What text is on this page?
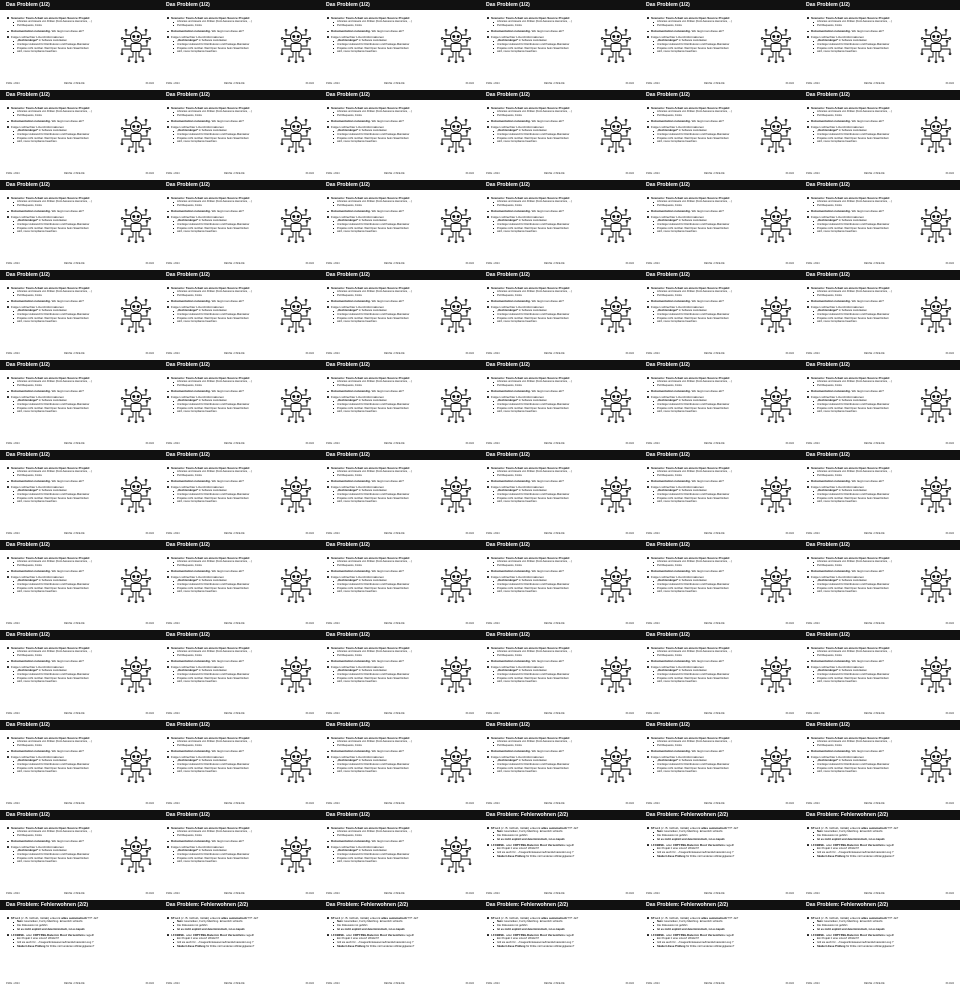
Das Problem (1/2)
Szenario: Team Arbeit an einem Open Source Projekt:
Libraries und Assets von Dritten (Font Awesome Heroicons, ...)
Pull Requests, Forks
Dokumentation notwendig. Wo liegt man diese ab?
Folgen schlechter Lizenzinformationen
„Rechtsmängel“ in Software Lieferketten
Unnötiger Aufwand für Distributoren und Package-Maintainer
Projekte nicht nutzbar. Weil Open Source beim Staat fördern
wird, muss Compliance beachten.
FSFE • 2024	REUSE • FSFE-DE	15.2024
Das Problem (1/2)
Szenario: Team Arbeit an einem Open Source Projekt:
Libraries und Assets von Dritten (Font Awesome Heroicons, ...)
Pull Requests, Forks
Dokumentation notwendig. Wo liegt man diese ab?
Folgen schlechter Lizenzinformationen
„Rechtsmängel“ in Software Lieferketten
Unnötiger Aufwand für Distributoren und Package-Maintainer
Projekte nicht nutzbar. Weil Open Source beim Staat fördern
wird, muss Compliance beachten.
FSFE • 2024	REUSE • FSFE-DE	15.2024
Das Problem (1/2)
Szenario: Team Arbeit an einem Open Source Projekt:
Libraries und Assets von Dritten (Font Awesome Heroicons, ...)
Pull Requests, Forks
Dokumentation notwendig. Wo liegt man diese ab?
Folgen schlechter Lizenzinformationen
„Rechtsmängel“ in Software Lieferketten
Unnötiger Aufwand für Distributoren und Package-Maintainer
Projekte nicht nutzbar. Weil Open Source beim Staat fördern
wird, muss Compliance beachten.
FSFE • 2024	REUSE • FSFE-DE	15.2024
Das Problem (1/2)
Szenario: Team Arbeit an einem Open Source Projekt:
Libraries und Assets von Dritten (Font Awesome Heroicons, ...)
Pull Requests, Forks
Dokumentation notwendig. Wo liegt man diese ab?
Folgen schlechter Lizenzinformationen
„Rechtsmängel“ in Software Lieferketten
Unnötiger Aufwand für Distributoren und Package-Maintainer
Projekte nicht nutzbar. Weil Open Source beim Staat fördern
wird, muss Compliance beachten.
FSFE • 2024	REUSE • FSFE-DE	15.2024
Das Problem (1/2)
Szenario: Team Arbeit an einem Open Source Projekt:
Libraries und Assets von Dritten (Font Awesome Heroicons, ...)
Pull Requests, Forks
Dokumentation notwendig. Wo liegt man diese ab?
Folgen schlechter Lizenzinformationen
„Rechtsmängel“ in Software Lieferketten
Unnötiger Aufwand für Distributoren und Package-Maintainer
Projekte nicht nutzbar. Weil Open Source beim Staat fördern
wird, muss Compliance beachten.
FSFE • 2024	REUSE • FSFE-DE	15.2024
Das Problem (1/2)
Szenario: Team Arbeit an einem Open Source Projekt:
Libraries und Assets von Dritten (Font Awesome Heroicons, ...)
Pull Requests, Forks
Dokumentation notwendig. Wo liegt man diese ab?
Folgen schlechter Lizenzinformationen
„Rechtsmängel“ in Software Lieferketten
Unnötiger Aufwand für Distributoren und Package-Maintainer
Projekte nicht nutzbar. Weil Open Source beim Staat fördern
wird, muss Compliance beachten.
FSFE • 2024	REUSE • FSFE-DE	15.2024
Das Problem (1/2)
Szenario: Team Arbeit an einem Open Source Projekt:
Libraries und Assets von Dritten (Font Awesome Heroicons, ...)
Pull Requests, Forks
Dokumentation notwendig. Wo liegt man diese ab?
Folgen schlechter Lizenzinformationen
„Rechtsmängel“ in Software Lieferketten
Unnötiger Aufwand für Distributoren und Package-Maintainer
Projekte nicht nutzbar. Weil Open Source beim Staat fördern
wird, muss Compliance beachten.
FSFE • 2024	REUSE • FSFE-DE	15.2024
Das Problem (1/2)
Szenario: Team Arbeit an einem Open Source Projekt:
Libraries und Assets von Dritten (Font Awesome Heroicons, ...)
Pull Requests, Forks
Dokumentation notwendig. Wo liegt man diese ab?
Folgen schlechter Lizenzinformationen
„Rechtsmängel“ in Software Lieferketten
Unnötiger Aufwand für Distributoren und Package-Maintainer
Projekte nicht nutzbar. Weil Open Source beim Staat fördern
wird, muss Compliance beachten.
FSFE • 2024	REUSE • FSFE-DE	15.2024
Das Problem (1/2)
Szenario: Team Arbeit an einem Open Source Projekt:
Libraries und Assets von Dritten (Font Awesome Heroicons, ...)
Pull Requests, Forks
Dokumentation notwendig. Wo liegt man diese ab?
Folgen schlechter Lizenzinformationen
„Rechtsmängel“ in Software Lieferketten
Unnötiger Aufwand für Distributoren und Package-Maintainer
Projekte nicht nutzbar. Weil Open Source beim Staat fördern
wird, muss Compliance beachten.
FSFE • 2024	REUSE • FSFE-DE	15.2024
Das Problem (1/2)
Szenario: Team Arbeit an einem Open Source Projekt:
Libraries und Assets von Dritten (Font Awesome Heroicons, ...)
Pull Requests, Forks
Dokumentation notwendig. Wo liegt man diese ab?
Folgen schlechter Lizenzinformationen
„Rechtsmängel“ in Software Lieferketten
Unnötiger Aufwand für Distributoren und Package-Maintainer
Projekte nicht nutzbar. Weil Open Source beim Staat fördern
wird, muss Compliance beachten.
FSFE • 2024	REUSE • FSFE-DE	15.2024
Das Problem (1/2)
Szenario: Team Arbeit an einem Open Source Projekt:
Libraries und Assets von Dritten (Font Awesome Heroicons, ...)
Pull Requests, Forks
Dokumentation notwendig. Wo liegt man diese ab?
Folgen schlechter Lizenzinformationen
„Rechtsmängel“ in Software Lieferketten
Unnötiger Aufwand für Distributoren und Package-Maintainer
Projekte nicht nutzbar. Weil Open Source beim Staat fördern
wird, muss Compliance beachten.
FSFE • 2024	REUSE • FSFE-DE	15.2024
Das Problem (1/2)
Szenario: Team Arbeit an einem Open Source Projekt:
Libraries und Assets von Dritten (Font Awesome Heroicons, ...)
Pull Requests, Forks
Dokumentation notwendig. Wo liegt man diese ab?
Folgen schlechter Lizenzinformationen
„Rechtsmängel“ in Software Lieferketten
Unnötiger Aufwand für Distributoren und Package-Maintainer
Projekte nicht nutzbar. Weil Open Source beim Staat fördern
wird, muss Compliance beachten.
FSFE • 2024	REUSE • FSFE-DE	15.2024
Das Problem (1/2)
Szenario: Team Arbeit an einem Open Source Projekt:
Libraries und Assets von Dritten (Font Awesome Heroicons, ...)
Pull Requests, Forks
Dokumentation notwendig. Wo liegt man diese ab?
Folgen schlechter Lizenzinformationen
„Rechtsmängel“ in Software Lieferketten
Unnötiger Aufwand für Distributoren und Package-Maintainer
Projekte nicht nutzbar. Weil Open Source beim Staat fördern
wird, muss Compliance beachten.
FSFE • 2024	REUSE • FSFE-DE	15.2024
Das Problem (1/2)
Szenario: Team Arbeit an einem Open Source Projekt:
Libraries und Assets von Dritten (Font Awesome Heroicons, ...)
Pull Requests, Forks
Dokumentation notwendig. Wo liegt man diese ab?
Folgen schlechter Lizenzinformationen
„Rechtsmängel“ in Software Lieferketten
Unnötiger Aufwand für Distributoren und Package-Maintainer
Projekte nicht nutzbar. Weil Open Source beim Staat fördern
wird, muss Compliance beachten.
FSFE • 2024	REUSE • FSFE-DE	15.2024
Das Problem (1/2)
Szenario: Team Arbeit an einem Open Source Projekt:
Libraries und Assets von Dritten (Font Awesome Heroicons, ...)
Pull Requests, Forks
Dokumentation notwendig. Wo liegt man diese ab?
Folgen schlechter Lizenzinformationen
„Rechtsmängel“ in Software Lieferketten
Unnötiger Aufwand für Distributoren und Package-Maintainer
Projekte nicht nutzbar. Weil Open Source beim Staat fördern
wird, muss Compliance beachten.
FSFE • 2024	REUSE • FSFE-DE	15.2024
Das Problem (1/2)
Szenario: Team Arbeit an einem Open Source Projekt:
Libraries und Assets von Dritten (Font Awesome Heroicons, ...)
Pull Requests, Forks
Dokumentation notwendig. Wo liegt man diese ab?
Folgen schlechter Lizenzinformationen
„Rechtsmängel“ in Software Lieferketten
Unnötiger Aufwand für Distributoren und Package-Maintainer
Projekte nicht nutzbar. Weil Open Source beim Staat fördern
wird, muss Compliance beachten.
FSFE • 2024	REUSE • FSFE-DE	15.2024
Das Problem (1/2)
Szenario: Team Arbeit an einem Open Source Projekt:
Libraries und Assets von Dritten (Font Awesome Heroicons, ...)
Pull Requests, Forks
Dokumentation notwendig. Wo liegt man diese ab?
Folgen schlechter Lizenzinformationen
„Rechtsmängel“ in Software Lieferketten
Unnötiger Aufwand für Distributoren und Package-Maintainer
Projekte nicht nutzbar. Weil Open Source beim Staat fördern
wird, muss Compliance beachten.
FSFE • 2024	REUSE • FSFE-DE	15.2024
Das Problem (1/2)
Szenario: Team Arbeit an einem Open Source Projekt:
Libraries und Assets von Dritten (Font Awesome Heroicons, ...)
Pull Requests, Forks
Dokumentation notwendig. Wo liegt man diese ab?
Folgen schlechter Lizenzinformationen
„Rechtsmängel“ in Software Lieferketten
Unnötiger Aufwand für Distributoren und Package-Maintainer
Projekte nicht nutzbar. Weil Open Source beim Staat fördern
wird, muss Compliance beachten.
FSFE • 2024	REUSE • FSFE-DE	15.2024
Das Problem (1/2)
Szenario: Team Arbeit an einem Open Source Projekt:
Libraries und Assets von Dritten (Font Awesome Heroicons, ...)
Pull Requests, Forks
Dokumentation notwendig. Wo liegt man diese ab?
Folgen schlechter Lizenzinformationen
„Rechtsmängel“ in Software Lieferketten
Unnötiger Aufwand für Distributoren und Package-Maintainer
Projekte nicht nutzbar. Weil Open Source beim Staat fördern
wird, muss Compliance beachten.
FSFE • 2024	REUSE • FSFE-DE	15.2024
Das Problem (1/2)
Szenario: Team Arbeit an einem Open Source Projekt:
Libraries und Assets von Dritten (Font Awesome Heroicons, ...)
Pull Requests, Forks
Dokumentation notwendig. Wo liegt man diese ab?
Folgen schlechter Lizenzinformationen
„Rechtsmängel“ in Software Lieferketten
Unnötiger Aufwand für Distributoren und Package-Maintainer
Projekte nicht nutzbar. Weil Open Source beim Staat fördern
wird, muss Compliance beachten.
FSFE • 2024	REUSE • FSFE-DE	15.2024
Das Problem (1/2)
Szenario: Team Arbeit an einem Open Source Projekt:
Libraries und Assets von Dritten (Font Awesome Heroicons, ...)
Pull Requests, Forks
Dokumentation notwendig. Wo liegt man diese ab?
Folgen schlechter Lizenzinformationen
„Rechtsmängel“ in Software Lieferketten
Unnötiger Aufwand für Distributoren und Package-Maintainer
Projekte nicht nutzbar. Weil Open Source beim Staat fördern
wird, muss Compliance beachten.
FSFE • 2024	REUSE • FSFE-DE	15.2024
Das Problem (1/2)
Szenario: Team Arbeit an einem Open Source Projekt:
Libraries und Assets von Dritten (Font Awesome Heroicons, ...)
Pull Requests, Forks
Dokumentation notwendig. Wo liegt man diese ab?
Folgen schlechter Lizenzinformationen
„Rechtsmängel“ in Software Lieferketten
Unnötiger Aufwand für Distributoren und Package-Maintainer
Projekte nicht nutzbar. Weil Open Source beim Staat fördern
wird, muss Compliance beachten.
FSFE • 2024	REUSE • FSFE-DE	15.2024
Das Problem (1/2)
Szenario: Team Arbeit an einem Open Source Projekt:
Libraries und Assets von Dritten (Font Awesome Heroicons, ...)
Pull Requests, Forks
Dokumentation notwendig. Wo liegt man diese ab?
Folgen schlechter Lizenzinformationen
„Rechtsmängel“ in Software Lieferketten
Unnötiger Aufwand für Distributoren und Package-Maintainer
Projekte nicht nutzbar. Weil Open Source beim Staat fördern
wird, muss Compliance beachten.
FSFE • 2024	REUSE • FSFE-DE	15.2024
Das Problem (1/2)
Szenario: Team Arbeit an einem Open Source Projekt:
Libraries und Assets von Dritten (Font Awesome Heroicons, ...)
Pull Requests, Forks
Dokumentation notwendig. Wo liegt man diese ab?
Folgen schlechter Lizenzinformationen
„Rechtsmängel“ in Software Lieferketten
Unnötiger Aufwand für Distributoren und Package-Maintainer
Projekte nicht nutzbar. Weil Open Source beim Staat fördern
wird, muss Compliance beachten.
FSFE • 2024	REUSE • FSFE-DE	15.2024
Das Problem (1/2)
Szenario: Team Arbeit an einem Open Source Projekt:
Libraries und Assets von Dritten (Font Awesome Heroicons, ...)
Pull Requests, Forks
Dokumentation notwendig. Wo liegt man diese ab?
Folgen schlechter Lizenzinformationen
„Rechtsmängel“ in Software Lieferketten
Unnötiger Aufwand für Distributoren und Package-Maintainer
Projekte nicht nutzbar. Weil Open Source beim Staat fördern
wird, muss Compliance beachten.
FSFE • 2024	REUSE • FSFE-DE	15.2024
Das Problem (1/2)
Szenario: Team Arbeit an einem Open Source Projekt:
Libraries und Assets von Dritten (Font Awesome Heroicons, ...)
Pull Requests, Forks
Dokumentation notwendig. Wo liegt man diese ab?
Folgen schlechter Lizenzinformationen
„Rechtsmängel“ in Software Lieferketten
Unnötiger Aufwand für Distributoren und Package-Maintainer
Projekte nicht nutzbar. Weil Open Source beim Staat fördern
wird, muss Compliance beachten.
FSFE • 2024	REUSE • FSFE-DE	15.2024
Das Problem (1/2)
Szenario: Team Arbeit an einem Open Source Projekt:
Libraries und Assets von Dritten (Font Awesome Heroicons, ...)
Pull Requests, Forks
Dokumentation notwendig. Wo liegt man diese ab?
Folgen schlechter Lizenzinformationen
„Rechtsmängel“ in Software Lieferketten
Unnötiger Aufwand für Distributoren und Package-Maintainer
Projekte nicht nutzbar. Weil Open Source beim Staat fördern
wird, muss Compliance beachten.
FSFE • 2024	REUSE • FSFE-DE	15.2024
Das Problem (1/2)
Szenario: Team Arbeit an einem Open Source Projekt:
Libraries und Assets von Dritten (Font Awesome Heroicons, ...)
Pull Requests, Forks
Dokumentation notwendig. Wo liegt man diese ab?
Folgen schlechter Lizenzinformationen
„Rechtsmängel“ in Software Lieferketten
Unnötiger Aufwand für Distributoren und Package-Maintainer
Projekte nicht nutzbar. Weil Open Source beim Staat fördern
wird, muss Compliance beachten.
FSFE • 2024	REUSE • FSFE-DE	15.2024
Das Problem (1/2)
Szenario: Team Arbeit an einem Open Source Projekt:
Libraries und Assets von Dritten (Font Awesome Heroicons, ...)
Pull Requests, Forks
Dokumentation notwendig. Wo liegt man diese ab?
Folgen schlechter Lizenzinformationen
„Rechtsmängel“ in Software Lieferketten
Unnötiger Aufwand für Distributoren und Package-Maintainer
Projekte nicht nutzbar. Weil Open Source beim Staat fördern
wird, muss Compliance beachten.
FSFE • 2024	REUSE • FSFE-DE	15.2024
Das Problem (1/2)
Szenario: Team Arbeit an einem Open Source Projekt:
Libraries und Assets von Dritten (Font Awesome Heroicons, ...)
Pull Requests, Forks
Dokumentation notwendig. Wo liegt man diese ab?
Folgen schlechter Lizenzinformationen
„Rechtsmängel“ in Software Lieferketten
Unnötiger Aufwand für Distributoren und Package-Maintainer
Projekte nicht nutzbar. Weil Open Source beim Staat fördern
wird, muss Compliance beachten.
FSFE • 2024	REUSE • FSFE-DE	15.2024
Das Problem (1/2)
Szenario: Team Arbeit an einem Open Source Projekt:
Libraries und Assets von Dritten (Font Awesome Heroicons, ...)
Pull Requests, Forks
Dokumentation notwendig. Wo liegt man diese ab?
Folgen schlechter Lizenzinformationen
„Rechtsmängel“ in Software Lieferketten
Unnötiger Aufwand für Distributoren und Package-Maintainer
Projekte nicht nutzbar. Weil Open Source beim Staat fördern
wird, muss Compliance beachten.
FSFE • 2024	REUSE • FSFE-DE	15.2024
Das Problem (1/2)
Szenario: Team Arbeit an einem Open Source Projekt:
Libraries und Assets von Dritten (Font Awesome Heroicons, ...)
Pull Requests, Forks
Dokumentation notwendig. Wo liegt man diese ab?
Folgen schlechter Lizenzinformationen
„Rechtsmängel“ in Software Lieferketten
Unnötiger Aufwand für Distributoren und Package-Maintainer
Projekte nicht nutzbar. Weil Open Source beim Staat fördern
wird, muss Compliance beachten.
FSFE • 2024	REUSE • FSFE-DE	15.2024
Das Problem (1/2)
Szenario: Team Arbeit an einem Open Source Projekt:
Libraries und Assets von Dritten (Font Awesome Heroicons, ...)
Pull Requests, Forks
Dokumentation notwendig. Wo liegt man diese ab?
Folgen schlechter Lizenzinformationen
„Rechtsmängel“ in Software Lieferketten
Unnötiger Aufwand für Distributoren und Package-Maintainer
Projekte nicht nutzbar. Weil Open Source beim Staat fördern
wird, muss Compliance beachten.
FSFE • 2024	REUSE • FSFE-DE	15.2024
Das Problem (1/2)
Szenario: Team Arbeit an einem Open Source Projekt:
Libraries und Assets von Dritten (Font Awesome Heroicons, ...)
Pull Requests, Forks
Dokumentation notwendig. Wo liegt man diese ab?
Folgen schlechter Lizenzinformationen
„Rechtsmängel“ in Software Lieferketten
Unnötiger Aufwand für Distributoren und Package-Maintainer
Projekte nicht nutzbar. Weil Open Source beim Staat fördern
wird, muss Compliance beachten.
FSFE • 2024	REUSE • FSFE-DE	15.2024
Das Problem (1/2)
Szenario: Team Arbeit an einem Open Source Projekt:
Libraries und Assets von Dritten (Font Awesome Heroicons, ...)
Pull Requests, Forks
Dokumentation notwendig. Wo liegt man diese ab?
Folgen schlechter Lizenzinformationen
„Rechtsmängel“ in Software Lieferketten
Unnötiger Aufwand für Distributoren und Package-Maintainer
Projekte nicht nutzbar. Weil Open Source beim Staat fördern
wird, muss Compliance beachten.
FSFE • 2024	REUSE • FSFE-DE	15.2024
Das Problem (1/2)
Szenario: Team Arbeit an einem Open Source Projekt:
Libraries und Assets von Dritten (Font Awesome Heroicons, ...)
Pull Requests, Forks
Dokumentation notwendig. Wo liegt man diese ab?
Folgen schlechter Lizenzinformationen
„Rechtsmängel“ in Software Lieferketten
Unnötiger Aufwand für Distributoren und Package-Maintainer
Projekte nicht nutzbar. Weil Open Source beim Staat fördern
wird, muss Compliance beachten.
FSFE • 2024	REUSE • FSFE-DE	15.2024
Das Problem (1/2)
Szenario: Team Arbeit an einem Open Source Projekt:
Libraries und Assets von Dritten (Font Awesome Heroicons, ...)
Pull Requests, Forks
Dokumentation notwendig. Wo liegt man diese ab?
Folgen schlechter Lizenzinformationen
„Rechtsmängel“ in Software Lieferketten
Unnötiger Aufwand für Distributoren und Package-Maintainer
Projekte nicht nutzbar. Weil Open Source beim Staat fördern
wird, muss Compliance beachten.
FSFE • 2024	REUSE • FSFE-DE	15.2024
Das Problem (1/2)
Szenario: Team Arbeit an einem Open Source Projekt:
Libraries und Assets von Dritten (Font Awesome Heroicons, ...)
Pull Requests, Forks
Dokumentation notwendig. Wo liegt man diese ab?
Folgen schlechter Lizenzinformationen
„Rechtsmängel“ in Software Lieferketten
Unnötiger Aufwand für Distributoren und Package-Maintainer
Projekte nicht nutzbar. Weil Open Source beim Staat fördern
wird, muss Compliance beachten.
FSFE • 2024	REUSE • FSFE-DE	15.2024
Das Problem (1/2)
Szenario: Team Arbeit an einem Open Source Projekt:
Libraries und Assets von Dritten (Font Awesome Heroicons, ...)
Pull Requests, Forks
Dokumentation notwendig. Wo liegt man diese ab?
Folgen schlechter Lizenzinformationen
„Rechtsmängel“ in Software Lieferketten
Unnötiger Aufwand für Distributoren und Package-Maintainer
Projekte nicht nutzbar. Weil Open Source beim Staat fördern
wird, muss Compliance beachten.
FSFE • 2024	REUSE • FSFE-DE	15.2024
Das Problem (1/2)
Szenario: Team Arbeit an einem Open Source Projekt:
Libraries und Assets von Dritten (Font Awesome Heroicons, ...)
Pull Requests, Forks
Dokumentation notwendig. Wo liegt man diese ab?
Folgen schlechter Lizenzinformationen
„Rechtsmängel“ in Software Lieferketten
Unnötiger Aufwand für Distributoren und Package-Maintainer
Projekte nicht nutzbar. Weil Open Source beim Staat fördern
wird, muss Compliance beachten.
FSFE • 2024	REUSE • FSFE-DE	15.2024
Das Problem (1/2)
Szenario: Team Arbeit an einem Open Source Projekt:
Libraries und Assets von Dritten (Font Awesome Heroicons, ...)
Pull Requests, Forks
Dokumentation notwendig. Wo liegt man diese ab?
Folgen schlechter Lizenzinformationen
„Rechtsmängel“ in Software Lieferketten
Unnötiger Aufwand für Distributoren und Package-Maintainer
Projekte nicht nutzbar. Weil Open Source beim Staat fördern
wird, muss Compliance beachten.
FSFE • 2024	REUSE • FSFE-DE	15.2024
Das Problem (1/2)
Szenario: Team Arbeit an einem Open Source Projekt:
Libraries und Assets von Dritten (Font Awesome Heroicons, ...)
Pull Requests, Forks
Dokumentation notwendig. Wo liegt man diese ab?
Folgen schlechter Lizenzinformationen
„Rechtsmängel“ in Software Lieferketten
Unnötiger Aufwand für Distributoren und Package-Maintainer
Projekte nicht nutzbar. Weil Open Source beim Staat fördern
wird, muss Compliance beachten.
FSFE • 2024	REUSE • FSFE-DE	15.2024
Das Problem (1/2)
Szenario: Team Arbeit an einem Open Source Projekt:
Libraries und Assets von Dritten (Font Awesome Heroicons, ...)
Pull Requests, Forks
Dokumentation notwendig. Wo liegt man diese ab?
Folgen schlechter Lizenzinformationen
„Rechtsmängel“ in Software Lieferketten
Unnötiger Aufwand für Distributoren und Package-Maintainer
Projekte nicht nutzbar. Weil Open Source beim Staat fördern
wird, muss Compliance beachten.
FSFE • 2024	REUSE • FSFE-DE	15.2024
Das Problem (1/2)
Szenario: Team Arbeit an einem Open Source Projekt:
Libraries und Assets von Dritten (Font Awesome Heroicons, ...)
Pull Requests, Forks
Dokumentation notwendig. Wo liegt man diese ab?
Folgen schlechter Lizenzinformationen
„Rechtsmängel“ in Software Lieferketten
Unnötiger Aufwand für Distributoren und Package-Maintainer
Projekte nicht nutzbar. Weil Open Source beim Staat fördern
wird, muss Compliance beachten.
FSFE • 2024	REUSE • FSFE-DE	15.2024
Das Problem (1/2)
Szenario: Team Arbeit an einem Open Source Projekt:
Libraries und Assets von Dritten (Font Awesome Heroicons, ...)
Pull Requests, Forks
Dokumentation notwendig. Wo liegt man diese ab?
Folgen schlechter Lizenzinformationen
„Rechtsmängel“ in Software Lieferketten
Unnötiger Aufwand für Distributoren und Package-Maintainer
Projekte nicht nutzbar. Weil Open Source beim Staat fördern
wird, muss Compliance beachten.
FSFE • 2024	REUSE • FSFE-DE	15.2024
Das Problem (1/2)
Szenario: Team Arbeit an einem Open Source Projekt:
Libraries und Assets von Dritten (Font Awesome Heroicons, ...)
Pull Requests, Forks
Dokumentation notwendig. Wo liegt man diese ab?
Folgen schlechter Lizenzinformationen
„Rechtsmängel“ in Software Lieferketten
Unnötiger Aufwand für Distributoren und Package-Maintainer
Projekte nicht nutzbar. Weil Open Source beim Staat fördern
wird, muss Compliance beachten.
FSFE • 2024	REUSE • FSFE-DE	15.2024
Das Problem (1/2)
Szenario: Team Arbeit an einem Open Source Projekt:
Libraries und Assets von Dritten (Font Awesome Heroicons, ...)
Pull Requests, Forks
Dokumentation notwendig. Wo liegt man diese ab?
Folgen schlechter Lizenzinformationen
„Rechtsmängel“ in Software Lieferketten
Unnötiger Aufwand für Distributoren und Package-Maintainer
Projekte nicht nutzbar. Weil Open Source beim Staat fördern
wird, muss Compliance beachten.
FSFE • 2024	REUSE • FSFE-DE	15.2024
Das Problem (1/2)
Szenario: Team Arbeit an einem Open Source Projekt:
Libraries und Assets von Dritten (Font Awesome Heroicons, ...)
Pull Requests, Forks
Dokumentation notwendig. Wo liegt man diese ab?
Folgen schlechter Lizenzinformationen
„Rechtsmängel“ in Software Lieferketten
Unnötiger Aufwand für Distributoren und Package-Maintainer
Projekte nicht nutzbar. Weil Open Source beim Staat fördern
wird, muss Compliance beachten.
FSFE • 2024	REUSE • FSFE-DE	15.2024
Das Problem (1/2)
Szenario: Team Arbeit an einem Open Source Projekt:
Libraries und Assets von Dritten (Font Awesome Heroicons, ...)
Pull Requests, Forks
Dokumentation notwendig. Wo liegt man diese ab?
Folgen schlechter Lizenzinformationen
„Rechtsmängel“ in Software Lieferketten
Unnötiger Aufwand für Distributoren und Package-Maintainer
Projekte nicht nutzbar. Weil Open Source beim Staat fördern
wird, muss Compliance beachten.
FSFE • 2024	REUSE • FSFE-DE	15.2024
Das Problem (1/2)
Szenario: Team Arbeit an einem Open Source Projekt:
Libraries und Assets von Dritten (Font Awesome Heroicons, ...)
Pull Requests, Forks
Dokumentation notwendig. Wo liegt man diese ab?
Folgen schlechter Lizenzinformationen
„Rechtsmängel“ in Software Lieferketten
Unnötiger Aufwand für Distributoren und Package-Maintainer
Projekte nicht nutzbar. Weil Open Source beim Staat fördern
wird, muss Compliance beachten.
FSFE • 2024	REUSE • FSFE-DE	15.2024
Das Problem (1/2)
Szenario: Team Arbeit an einem Open Source Projekt:
Libraries und Assets von Dritten (Font Awesome Heroicons, ...)
Pull Requests, Forks
Dokumentation notwendig. Wo liegt man diese ab?
Folgen schlechter Lizenzinformationen
„Rechtsmängel“ in Software Lieferketten
Unnötiger Aufwand für Distributoren und Package-Maintainer
Projekte nicht nutzbar. Weil Open Source beim Staat fördern
wird, muss Compliance beachten.
FSFE • 2024	REUSE • FSFE-DE	15.2024
Das Problem (1/2)
Szenario: Team Arbeit an einem Open Source Projekt:
Libraries und Assets von Dritten (Font Awesome Heroicons, ...)
Pull Requests, Forks
Dokumentation notwendig. Wo liegt man diese ab?
Folgen schlechter Lizenzinformationen
„Rechtsmängel“ in Software Lieferketten
Unnötiger Aufwand für Distributoren und Package-Maintainer
Projekte nicht nutzbar. Weil Open Source beim Staat fördern
wird, muss Compliance beachten.
FSFE • 2024	REUSE • FSFE-DE	15.2024
Das Problem (1/2)
Szenario: Team Arbeit an einem Open Source Projekt:
Libraries und Assets von Dritten (Font Awesome Heroicons, ...)
Pull Requests, Forks
Dokumentation notwendig. Wo liegt man diese ab?
Folgen schlechter Lizenzinformationen
„Rechtsmängel“ in Software Lieferketten
Unnötiger Aufwand für Distributoren und Package-Maintainer
Projekte nicht nutzbar. Weil Open Source beim Staat fördern
wird, muss Compliance beachten.
FSFE • 2024	REUSE • FSFE-DE	15.2024
Das Problem (1/2)
Szenario: Team Arbeit an einem Open Source Projekt:
Libraries und Assets von Dritten (Font Awesome Heroicons, ...)
Pull Requests, Forks
Dokumentation notwendig. Wo liegt man diese ab?
Folgen schlechter Lizenzinformationen
„Rechtsmängel“ in Software Lieferketten
Unnötiger Aufwand für Distributoren und Package-Maintainer
Projekte nicht nutzbar. Weil Open Source beim Staat fördern
wird, muss Compliance beachten.
FSFE • 2024	REUSE • FSFE-DE	15.2024
Das Problem (1/2)
Szenario: Team Arbeit an einem Open Source Projekt:
Libraries und Assets von Dritten (Font Awesome Heroicons, ...)
Pull Requests, Forks
Dokumentation notwendig. Wo liegt man diese ab?
Folgen schlechter Lizenzinformationen
„Rechtsmängel“ in Software Lieferketten
Unnötiger Aufwand für Distributoren und Package-Maintainer
Projekte nicht nutzbar. Weil Open Source beim Staat fördern
wird, muss Compliance beachten.
FSFE • 2024	REUSE • FSFE-DE	15.2024
Das Problem (1/2)
Szenario: Team Arbeit an einem Open Source Projekt:
Libraries und Assets von Dritten (Font Awesome Heroicons, ...)
Pull Requests, Forks
Dokumentation notwendig. Wo liegt man diese ab?
Folgen schlechter Lizenzinformationen
„Rechtsmängel“ in Software Lieferketten
Unnötiger Aufwand für Distributoren und Package-Maintainer
Projekte nicht nutzbar. Weil Open Source beim Staat fördern
wird, muss Compliance beachten.
FSFE • 2024	REUSE • FSFE-DE	15.2024
Das Problem (1/2)
Szenario: Team Arbeit an einem Open Source Projekt:
Libraries und Assets von Dritten (Font Awesome Heroicons, ...)
Pull Requests, Forks
Dokumentation notwendig. Wo liegt man diese ab?
Folgen schlechter Lizenzinformationen
„Rechtsmängel“ in Software Lieferketten
Unnötiger Aufwand für Distributoren und Package-Maintainer
Projekte nicht nutzbar. Weil Open Source beim Staat fördern
wird, muss Compliance beachten.
FSFE • 2024	REUSE • FSFE-DE	15.2024
Das Problem: Fehlerwohnen (2/2)
$Tool (z. B. Github, Gitlab) erkennt alles automatisch?!?! Ja?
Nein: Heuristiken, Fuzzy-Matching. Erraunlich schlecht.
Die Diskussion ist geführt.
Ist es nicht explizit und deterministisch, ist es kaputt.
LICENSE- oder COPYING-Datei im Root Verzeichnis regelt!
Ein Projekt ≠ eine Lizenz! Wirklich?
Gilt sie auch für .../images/fontawesome/brands/mastodon.svg ?
Skaliert diese Prüfung für Dritte mit hunderten Abhängigkeiten?
FSFE • 2024	REUSE • FSFE-DE	15.2024
Das Problem: Fehlerwohnen (2/2)
$Tool (z. B. Github, Gitlab) erkennt alles automatisch?!?! Ja?
Nein: Heuristiken, Fuzzy-Matching. Erraunlich schlecht.
Die Diskussion ist geführt.
Ist es nicht explizit und deterministisch, ist es kaputt.
LICENSE- oder COPYING-Datei im Root Verzeichnis regelt!
Ein Projekt ≠ eine Lizenz! Wirklich?
Gilt sie auch für .../images/fontawesome/brands/mastodon.svg ?
Skaliert diese Prüfung für Dritte mit hunderten Abhängigkeiten?
FSFE • 2024	REUSE • FSFE-DE	15.2024
Das Problem: Fehlerwohnen (2/2)
$Tool (z. B. Github, Gitlab) erkennt alles automatisch?!?! Ja?
Nein: Heuristiken, Fuzzy-Matching. Erraunlich schlecht.
Die Diskussion ist geführt.
Ist es nicht explizit und deterministisch, ist es kaputt.
LICENSE- oder COPYING-Datei im Root Verzeichnis regelt!
Ein Projekt ≠ eine Lizenz! Wirklich?
Gilt sie auch für .../images/fontawesome/brands/mastodon.svg ?
Skaliert diese Prüfung für Dritte mit hunderten Abhängigkeiten?
FSFE • 2024	REUSE • FSFE-DE	15.2024
Das Problem: Fehlerwohnen (2/2)
$Tool (z. B. Github, Gitlab) erkennt alles automatisch?!?! Ja?
Nein: Heuristiken, Fuzzy-Matching. Erraunlich schlecht.
Die Diskussion ist geführt.
Ist es nicht explizit und deterministisch, ist es kaputt.
LICENSE- oder COPYING-Datei im Root Verzeichnis regelt!
Ein Projekt ≠ eine Lizenz! Wirklich?
Gilt sie auch für .../images/fontawesome/brands/mastodon.svg ?
Skaliert diese Prüfung für Dritte mit hunderten Abhängigkeiten?
FSFE • 2024	REUSE • FSFE-DE	15.2024
Das Problem: Fehlerwohnen (2/2)
$Tool (z. B. Github, Gitlab) erkennt alles automatisch?!?! Ja?
Nein: Heuristiken, Fuzzy-Matching. Erraunlich schlecht.
Die Diskussion ist geführt.
Ist es nicht explizit und deterministisch, ist es kaputt.
LICENSE- oder COPYING-Datei im Root Verzeichnis regelt!
Ein Projekt ≠ eine Lizenz! Wirklich?
Gilt sie auch für .../images/fontawesome/brands/mastodon.svg ?
Skaliert diese Prüfung für Dritte mit hunderten Abhängigkeiten?
FSFE • 2024	REUSE • FSFE-DE	15.2024
Das Problem: Fehlerwohnen (2/2)
$Tool (z. B. Github, Gitlab) erkennt alles automatisch?!?! Ja?
Nein: Heuristiken, Fuzzy-Matching. Erraunlich schlecht.
Die Diskussion ist geführt.
Ist es nicht explizit und deterministisch, ist es kaputt.
LICENSE- oder COPYING-Datei im Root Verzeichnis regelt!
Ein Projekt ≠ eine Lizenz! Wirklich?
Gilt sie auch für .../images/fontawesome/brands/mastodon.svg ?
Skaliert diese Prüfung für Dritte mit hunderten Abhängigkeiten?
FSFE • 2024	REUSE • FSFE-DE	15.2024
Das Problem: Fehlerwohnen (2/2)
$Tool (z. B. Github, Gitlab) erkennt alles automatisch?!?! Ja?
Nein: Heuristiken, Fuzzy-Matching. Erraunlich schlecht.
Die Diskussion ist geführt.
Ist es nicht explizit und deterministisch, ist es kaputt.
LICENSE- oder COPYING-Datei im Root Verzeichnis regelt!
Ein Projekt ≠ eine Lizenz! Wirklich?
Gilt sie auch für .../images/fontawesome/brands/mastodon.svg ?
Skaliert diese Prüfung für Dritte mit hunderten Abhängigkeiten?
FSFE • 2024	REUSE • FSFE-DE	15.2024
Das Problem: Fehlerwohnen (2/2)
$Tool (z. B. Github, Gitlab) erkennt alles automatisch?!?! Ja?
Nein: Heuristiken, Fuzzy-Matching. Erraunlich schlecht.
Die Diskussion ist geführt.
Ist es nicht explizit und deterministisch, ist es kaputt.
LICENSE- oder COPYING-Datei im Root Verzeichnis regelt!
Ein Projekt ≠ eine Lizenz! Wirklich?
Gilt sie auch für .../images/fontawesome/brands/mastodon.svg ?
Skaliert diese Prüfung für Dritte mit hunderten Abhängigkeiten?
FSFE • 2024	REUSE • FSFE-DE	15.2024
Das Problem: Fehlerwohnen (2/2)
$Tool (z. B. Github, Gitlab) erkennt alles automatisch?!?! Ja?
Nein: Heuristiken, Fuzzy-Matching. Erraunlich schlecht.
Die Diskussion ist geführt.
Ist es nicht explizit und deterministisch, ist es kaputt.
LICENSE- oder COPYING-Datei im Root Verzeichnis regelt!
Ein Projekt ≠ eine Lizenz! Wirklich?
Gilt sie auch für .../images/fontawesome/brands/mastodon.svg ?
Skaliert diese Prüfung für Dritte mit hunderten Abhängigkeiten?
FSFE • 2024	REUSE • FSFE-DE	15.2024
